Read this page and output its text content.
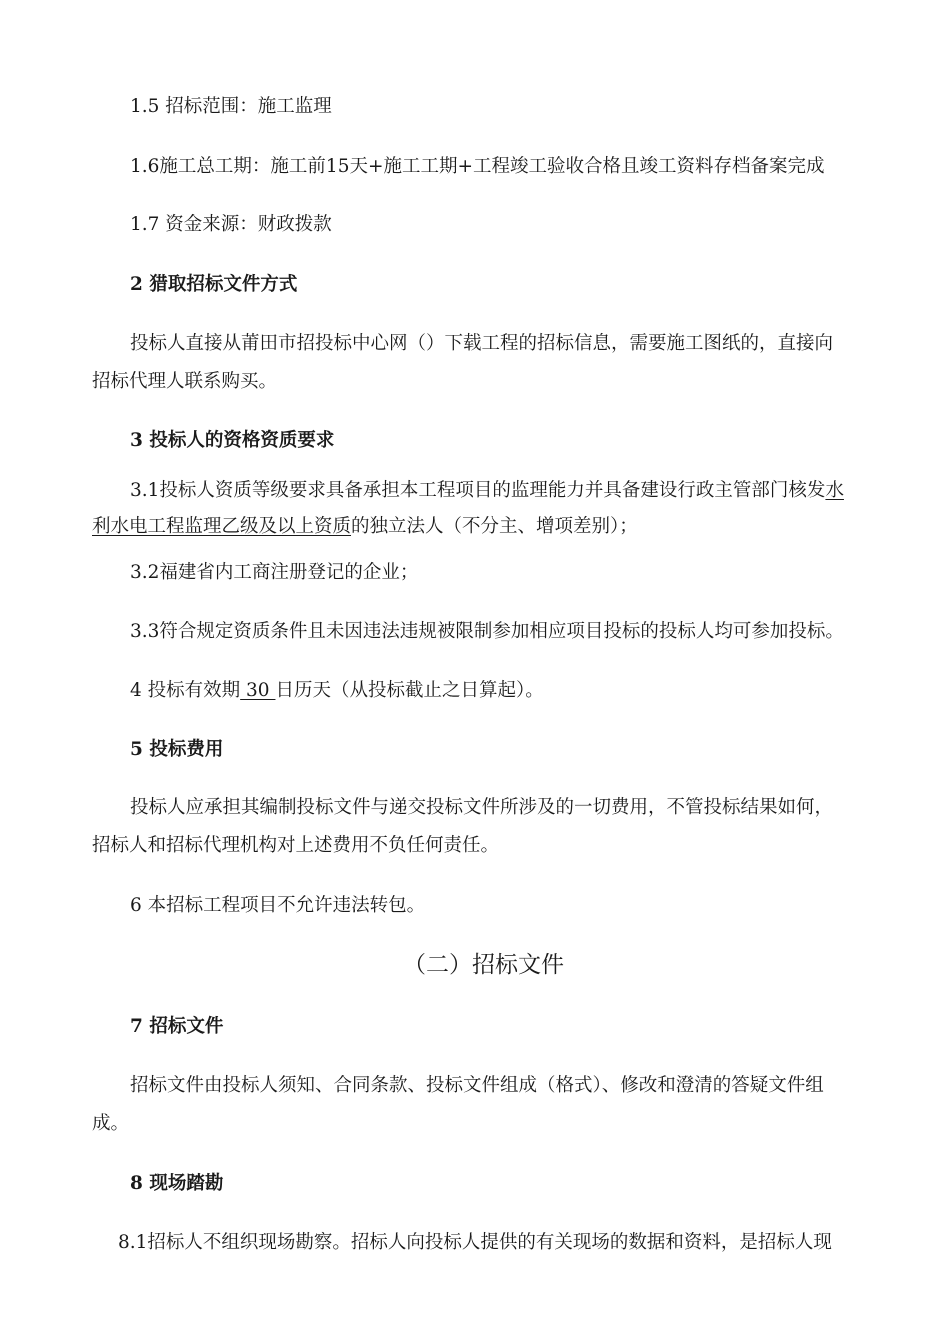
1.5 招标范围：施工监理
1.6施工总工期：施工前15天+施工工期+工程竣工验收合格且竣工资料存档备案完成
1.7 资金来源：财政拨款
2 猎取招标文件方式
投标人直接从莆田市招投标中心网（）下载工程的招标信息，需要施工图纸的，直接向
招标代理人联系购买。
3 投标人的资格资质要求
3.1投标人资质等级要求具备承担本工程项目的监理能力并具备建设行政主管部门核发水
利水电工程监理乙级及以上资质的独立法人（不分主、增项差别）；
3.2福建省内工商注册登记的企业；
3.3符合规定资质条件且未因违法违规被限制参加相应项目投标的投标人均可参加投标。
4 投标有效期 30 日历天（从投标截止之日算起）。
5 投标费用
投标人应承担其编制投标文件与递交投标文件所涉及的一切费用，不管投标结果如何，
招标人和招标代理机构对上述费用不负任何责任。
6 本招标工程项目不允许违法转包。
（二）招标文件
7 招标文件
招标文件由投标人须知、合同条款、投标文件组成（格式）、修改和澄清的答疑文件组
成。
8 现场踏勘
8.1招标人不组织现场勘察。招标人向投标人提供的有关现场的数据和资料，是招标人现
